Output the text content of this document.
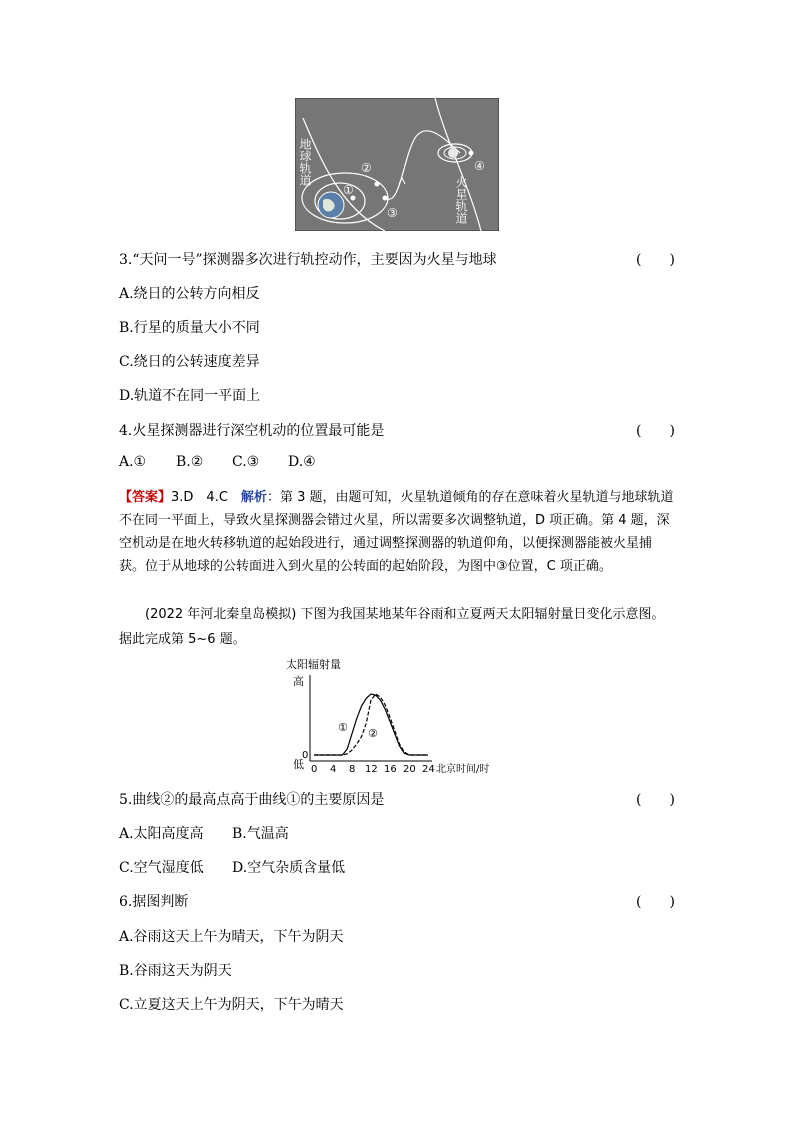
地球轨道
火星轨道
①
②
③
④
3.“天问一号”探测器多次进行轨控动作，主要因为火星与地球	(　　)
A.绕日的公转方向相反
B.行星的质量大小不同
C.绕日的公转速度差异
D.轨道不在同一平面上
4.火星探测器进行深空机动的位置最可能是	(　　)
A.① B.② C.③ D.④
【答案】3.D　4.C　解析：第 3 题，由题可知，火星轨道倾角的存在意味着火星轨道与地球轨道不在同一平面上，导致火星探测器会错过火星，所以需要多次调整轨道，D 项正确。第 4 题，深空机动是在地火转移轨道的起始段进行，通过调整探测器的轨道仰角，以便探测器能被火星捕获。位于从地球的公转面进入到火星的公转面的起始阶段，为图中③位置，C 项正确。
(2022 年河北秦皇岛模拟) 下图为我国某地某年谷雨和立夏两天太阳辐射量日变化示意图。据此完成第 5~6 题。
太阳辐射量
高
低
0
0 4 8 12 16 20 24 北京时间/时
① ②
5.曲线②的最高点高于曲线①的主要原因是	(　　)
A.太阳高度高 B.气温高
C.空气湿度低 D.空气杂质含量低
6.据图判断	(　　)
A.谷雨这天上午为晴天，下午为阴天
B.谷雨这天为阴天
C.立夏这天上午为阴天，下午为晴天
